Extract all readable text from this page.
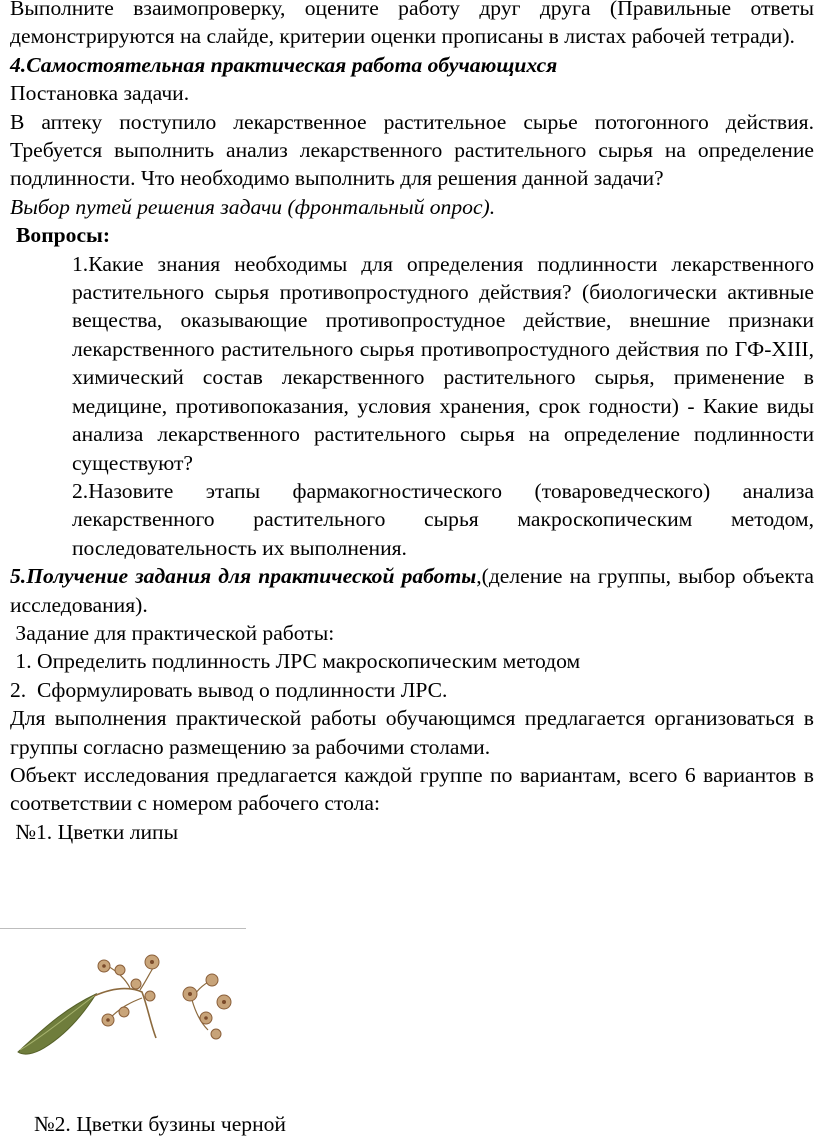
Выполните взаимопроверку, оцените работу друг друга (Правильные ответы демонстрируются на слайде, критерии оценки прописаны в листах рабочей тетради).

4.Самостоятельная практическая работа обучающихся

Постановка задачи.

В аптеку поступило лекарственное растительное сырье потогонного действия. Требуется выполнить анализ лекарственного растительного сырья на определение подлинности. Что необходимо выполнить для решения данной задачи?

Выбор путей решения задачи (фронтальный опрос).

Вопросы:

1.Какие знания необходимы для определения подлинности лекарственного растительного сырья противопростудного действия? (биологически активные вещества, оказывающие противопростудное действие, внешние признаки лекарственного растительного сырья противопростудного действия по ГФ-XIII, химический состав лекарственного растительного сырья, применение в медицине, противопоказания, условия хранения, срок годности) - Какие виды анализа лекарственного растительного сырья на определение подлинности существуют?

2.Назовите этапы фармакогностического (товароведческого) анализа лекарственного растительного сырья макроскопическим методом, последовательность их выполнения.

5.Получение задания для практической работы,(деление на группы, выбор объекта исследования).

Задание для практической работы:

1. Определить подлинность ЛРС макроскопическим методом

2.  Сформулировать вывод о подлинности ЛРС.

Для выполнения практической работы обучающимся предлагается организоваться в группы согласно размещению за рабочими столами.

Объект исследования предлагается каждой группе по вариантам, всего 6 вариантов в соответствии с номером рабочего стола:

№1. Цветки липы

№2. Цветки бузины черной
